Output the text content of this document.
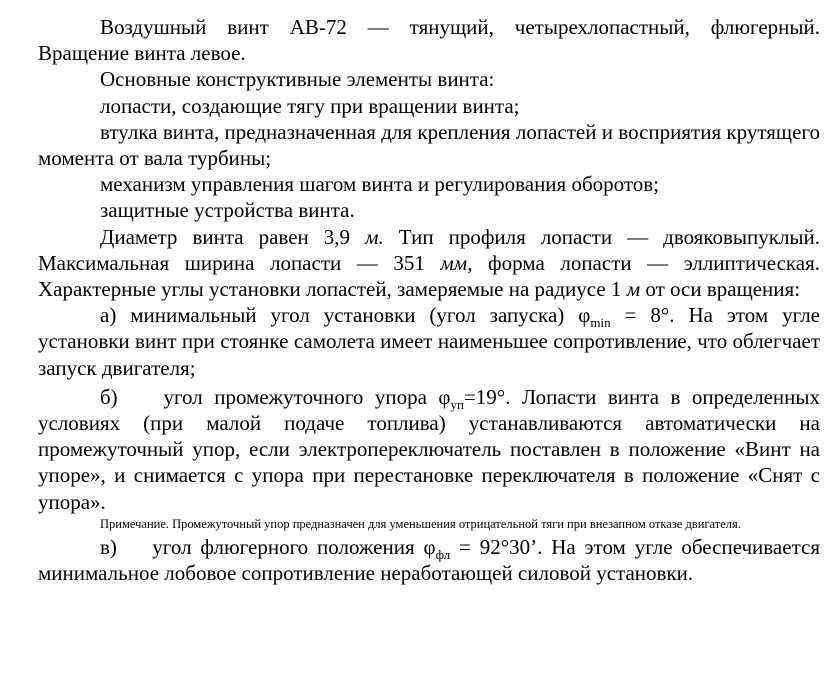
Воздушный винт АВ-72 — тянущий, четырехлопастный, флюгерный. Вращение винта левое.

Основные конструктивные элементы винта:

лопасти, создающие тягу при вращении винта;

втулка винта, предназначенная для крепления лопастей и восприятия крутящего момента от вала турбины;

механизм управления шагом винта и регулирования оборотов;

защитные устройства винта.

Диаметр винта равен 3,9 м. Тип профиля лопасти — двояковыпуклый. Максимальная ширина лопасти — 351 мм, форма лопасти — эллиптическая. Характерные углы установки лопастей, замеряемые на радиусе 1 м от оси вращения:

а) минимальный угол установки (угол запуска) $\varphi_{min} = 8^\circ$. На этом угле установки винт при стоянке самолета имеет наименьшее сопротивление, что облегчает запуск двигателя;

б)    угол промежуточного упора $\varphi_{уп}=19^\circ$. Лопасти винта в определенных условиях (при малой подаче топлива) устанавливаются автоматически на промежуточный упор, если электропереключатель поставлен в положение «Винт на упоре», и снимается с упора при перестановке переключателя в положение «Снят с упора».

Примечание. Промежуточный упор предназначен для уменьшения отрицательной тяги при внезапном отказе двигателя.

в)    угол флюгерного положения $\varphi_{фл} = 92^\circ 30$’. На этом угле обеспечивается минимальное лобовое сопротивление неработающей силовой установки.
